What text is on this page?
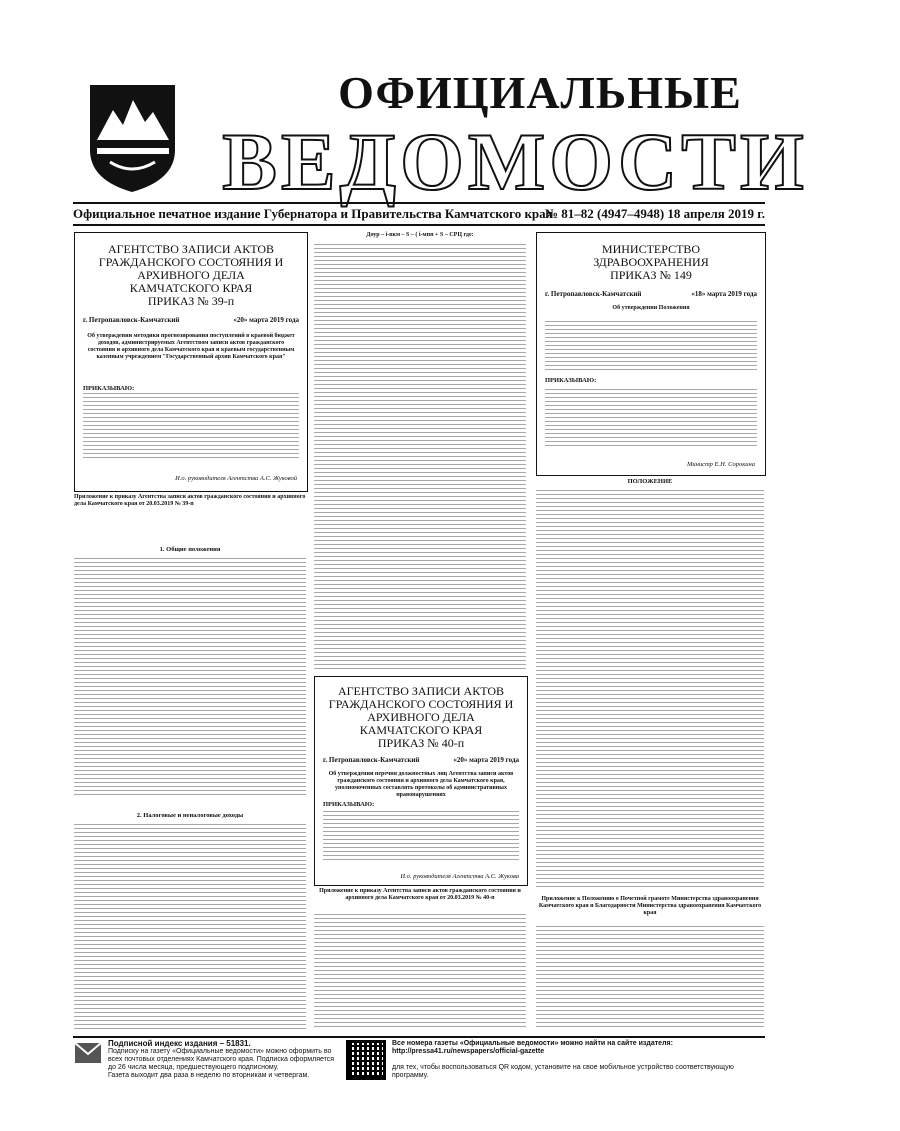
ОФИЦИАЛЬНЫЕ
ВЕДОМОСТИ
Официальное печатное издание Губернатора и Правительства Камчатского края
№ 81–82 (4947–4948) 18 апреля 2019 г.
АГЕНТСТВО ЗАПИСИ АКТОВ ГРАЖДАНСКОГО СОСТОЯНИЯ И АРХИВНОГО ДЕЛА КАМЧАТСКОГО КРАЯ
ПРИКАЗ № 39-п
г. Петропавловск-Камчатский	«20» марта 2019 года
Об утверждении методики прогнозирования поступлений в краевой бюджет доходов, администрируемых Агентством записи актов гражданского состояния и архивного дела Камчатского края и краевым государственным казенным учреждением "Государственный архив Камчатского края"
ПРИКАЗЫВАЮ:
И.о. руководителя Агентства А.С. Жуковой
Приложение к приказу Агентства записи актов гражданского состояния и архивного дела Камчатского края от 20.03.2019 № 39-п
1. Общие положения
2. Налоговые и неналоговые доходы
Доур – i-вкм – S – ( i-мпп + S – СРЦ где:
АГЕНТСТВО ЗАПИСИ АКТОВ ГРАЖДАНСКОГО СОСТОЯНИЯ И АРХИВНОГО ДЕЛА КАМЧАТСКОГО КРАЯ
ПРИКАЗ № 40-п
г. Петропавловск-Камчатский	«20» марта 2019 года
Об утверждении перечня должностных лиц Агентства записи актов гражданского состояния и архивного дела Камчатского края, уполномоченных составлять протоколы об административных правонарушениях
ПРИКАЗЫВАЮ:
И.о. руководителя Агентства А.С. Жукова
Приложение к приказу Агентства записи актов гражданского состояния и архивного дела Камчатского края от 20.03.2019 № 40-п
МИНИСТЕРСТВО ЗДРАВООХРАНЕНИЯ
ПРИКАЗ № 149
г. Петропавловск-Камчатский	«18» марта 2019 года
Об утверждении Положения
ПРИКАЗЫВАЮ:
Министр Е.Н. Сорокина
ПОЛОЖЕНИЕ
Приложение к Положению о Почетной грамоте Министерства здравоохранения Камчатского края и Благодарности Министерства здравоохранения Камчатского края
Подписной индекс издания – 51831.
Подписку на газету «Официальные ведомости» можно оформить во всех почтовых отделениях Камчатского края. Подписка оформляется до 26 числа месяца, предшествующего подписному.
Газета выходит два раза в неделю по вторникам и четвергам.
Все номера газеты «Официальные ведомости» можно найти на сайте издателя: http://pressa41.ru/newspapers/official-gazette
для тех, чтобы воспользоваться QR кодом, установите на свое мобильное устройство соответствующую программу.
